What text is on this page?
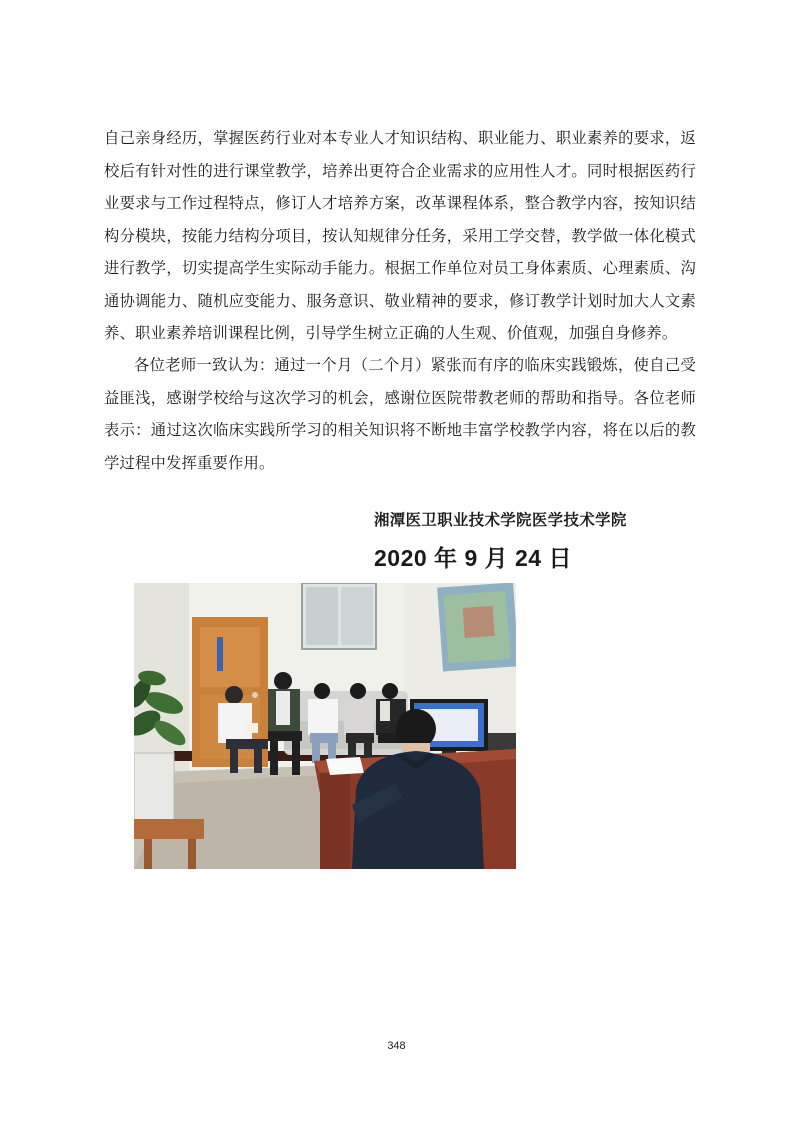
自己亲身经历，掌握医药行业对本专业人才知识结构、职业能力、职业素养的要求，返校后有针对性的进行课堂教学，培养出更符合企业需求的应用性人才。同时根据医药行业要求与工作过程特点，修订人才培养方案，改革课程体系，整合教学内容，按知识结构分模块，按能力结构分项目，按认知规律分任务，采用工学交替，教学做一体化模式进行教学，切实提高学生实际动手能力。根据工作单位对员工身体素质、心理素质、沟通协调能力、随机应变能力、服务意识、敬业精神的要求，修订教学计划时加大人文素养、职业素养培训课程比例，引导学生树立正确的人生观、价值观，加强自身修养。

各位老师一致认为：通过一个月（二个月）紧张而有序的临床实践锻炼，使自己受益匪浅，感谢学校给与这次学习的机会，感谢位医院带教老师的帮助和指导。各位老师表示：通过这次临床实践所学习的相关知识将不断地丰富学校教学内容，将在以后的教学过程中发挥重要作用。

湘潭医卫职业技术学院医学技术学院
2020 年 9 月 24 日
348
